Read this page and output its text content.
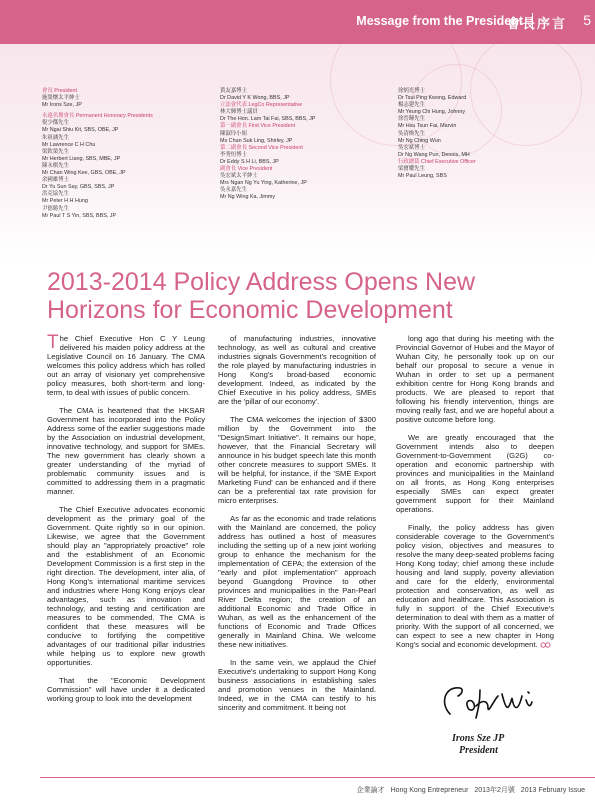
Message from the President
會長序言 5
會長 President
施榮懷太平紳士
Mr Irons Sze, JP
永遠名譽會長 Permanent Honorary Presidents
倪少傑先生
Mr Ngai Shiu Kit, SBS, OBE, JP
朱祖涵先生
Mr Lawrence C H Chu
梁欽榮先生
Mr Herbert Liang, SBS, MBE, JP
陳永棋先生
Mr Chan Wing Kee, GBS, OBE, JP
余國雄博士
Dr Yu Sun Say, GBS, SBS, JP
洪克協先生
Mr Peter H H Hung
尹德勝先生
Mr Paul T S Yin, SBS, BBS, JP
黃友嘉博士
Dr David Y K Wong, BBS, JP
立法會代表 LegCo Representative
林大輝博士議員
Dr The Hon. Lam Tai Fai, SBS, BBS, JP
第一副會長 First Vice President
陳淑玲小姐
Ms Chan Suk Ling, Shirley, JP
第二副會長 Second Vice President
李秀恒博士
Dr Eddy S H Li, BBS, JP
副會長 Vice President
吳宏斌太平紳士
Mrs Ngan Ng Yu Ying, Katherine, JP
吳永嘉先生
Mr Ng Wing Ka, Jimmy
徐炳光博士
Dr Tsui Ping Kwong, Edward
楊志建先生
Mr Yeung Chi Hung, Johnny
徐晉暉先生
Mr Hsu Tsun Fai, Marvin
吳清煥先生
Mr Ng Ching Wun
吳宏斌博士
Dr Ng Wang Pun, Dennis, MH
行政總裁 Chief Executive Officer
梁寶耀先生
Mr Paul Leung, SBS
2013-2014 Policy Address Opens New Horizons for Economic Development

The Chief Executive Hon C Y Leung delivered his maiden policy address at the Legislative Council on 16 January. The CMA welcomes this policy address which has rolled out an array of visionary yet comprehensive policy measures, both short-term and long-term, to deal with issues of public concern.

The CMA is heartened that the HKSAR Government has incorporated into the Policy Address some of the earlier suggestions made by the Association on industrial development, innovative technology, and support for SMEs. The new government has clearly shown a greater understanding of the myriad of problematic community issues and is committed to addressing them in a pragmatic manner.

The Chief Executive advocates economic development as the primary goal of the Government. Quite rightly so in our opinion. Likewise, we agree that the Government should play an "appropriately proactive" role and the establishment of an Economic Development Commission is a first step in the right direction. The development, inter alia, of Hong Kong's international maritime services and industries where Hong Kong enjoys clear advantages, such as innovation and technology, and testing and certification are measures to be commended. The CMA is confident that these measures will be conducive to fortifying the competitive advantages of our traditional pillar industries while helping us to explore new growth opportunities.

That the "Economic Development Commission" will have under it a dedicated working group to look into the development

of manufacturing industries, innovative technology, as well as cultural and creative industries signals Government's recognition of the role played by manufacturing industries in Hong Kong's broad-based economic development. Indeed, as indicated by the Chief Executive in his policy address, SMEs are the 'pillar of our economy'.

The CMA welcomes the injection of $300 million by the Government into the "DesignSmart Initiative". It remains our hope, however, that the Financial Secretary will announce in his budget speech late this month other concrete measures to support SMEs. It will be helpful, for instance, if the 'SME Export Marketing Fund' can be enhanced and if there can be a preferential tax rate provision for micro enterprises.

As far as the economic and trade relations with the Mainland are concerned, the policy address has outlined a host of measures including the setting up of a new joint working group to enhance the mechanism for the implementation of CEPA; the extension of the "early and pilot implementation" approach beyond Guangdong Province to other provinces and municipalities in the Pan-Pearl River Delta region; the creation of an additional Economic and Trade Office in Wuhan, as well as the enhancement of the functions of Economic and Trade Offices generally in Mainland China. We welcome these new initiatives.

In the same vein, we applaud the Chief Executive's undertaking to support Hong Kong business associations in establishing sales and promotion venues in the Mainland. Indeed, we in the CMA can testify to his sincerity and commitment. It being not

long ago that during his meeting with the Provincial Governor of Hubei and the Mayor of Wuhan City, he personally took up on our behalf our proposal to secure a venue in Wuhan in order to set up a permanent exhibition centre for Hong Kong brands and products. We are pleased to report that following his friendly intervention, things are moving really fast, and we are hopeful about a positive outcome before long.

We are greatly encouraged that the Government intends also to deepen Government-to-Government (G2G) co-operation and economic partnership with provinces and municipalities in the Mainland on all fronts, as Hong Kong enterprises especially SMEs can expect greater government support for their Mainland operations.

Finally, the policy address has given considerable coverage to the Government's policy vision, objectives and measures to resolve the many deep-seated problems facing Hong Kong today; chief among these include housing and land supply, poverty alleviation and care for the elderly, environmental protection and conservation, as well as education and healthcare. This Association is fully in support of the Chief Executive's determination to deal with them as a matter of priority. With the support of all concerned, we can expect to see a new chapter in Hong Kong's social and economic development.

Irons Sze JP
President
企業論才 Hong Kong Entrepreneur 2013年2月號 2013 February Issue
